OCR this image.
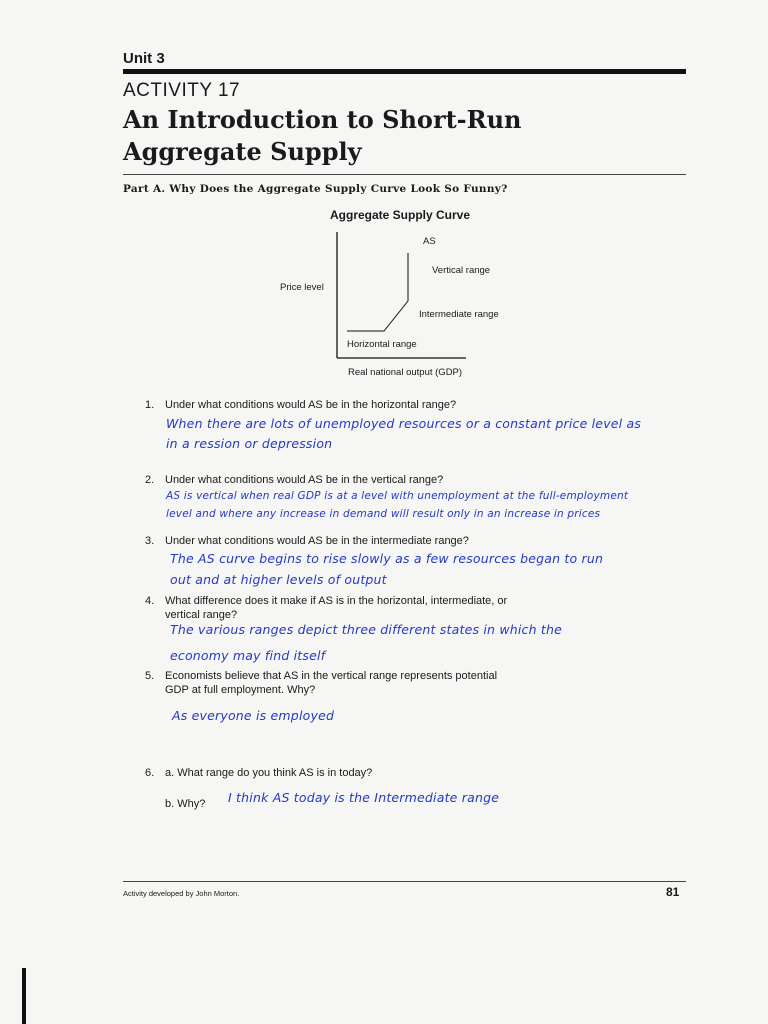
Unit 3
ACTIVITY 17
An Introduction to Short-Run
Aggregate Supply
Part A. Why Does the Aggregate Supply Curve Look So Funny?
Aggregate Supply Curve
AS
Price level
Vertical range
Intermediate range
Horizontal range
Real national output (GDP)
1. Under what conditions would AS be in the horizontal range?
When there are lots of unemployed resources or a constant price level as
in a ression or depression
2. Under what conditions would AS be in the vertical range?
AS is vertical when real GDP is at a level with unemployment at the full-employment
level and where any increase in demand will result only in an increase in prices
3. Under what conditions would AS be in the intermediate range?
The AS curve begins to rise slowly as a few resources began to run
out and at higher levels of output
4. What difference does it make if AS is in the horizontal, intermediate, or
vertical range?
The various ranges depict three different states in which the
economy may find itself
5. Economists believe that AS in the vertical range represents potential
GDP at full employment. Why?
As everyone is employed
6. a. What range do you think AS is in today?
b. Why?	I think AS today is the Intermediate range
Activity developed by John Morton.	81
